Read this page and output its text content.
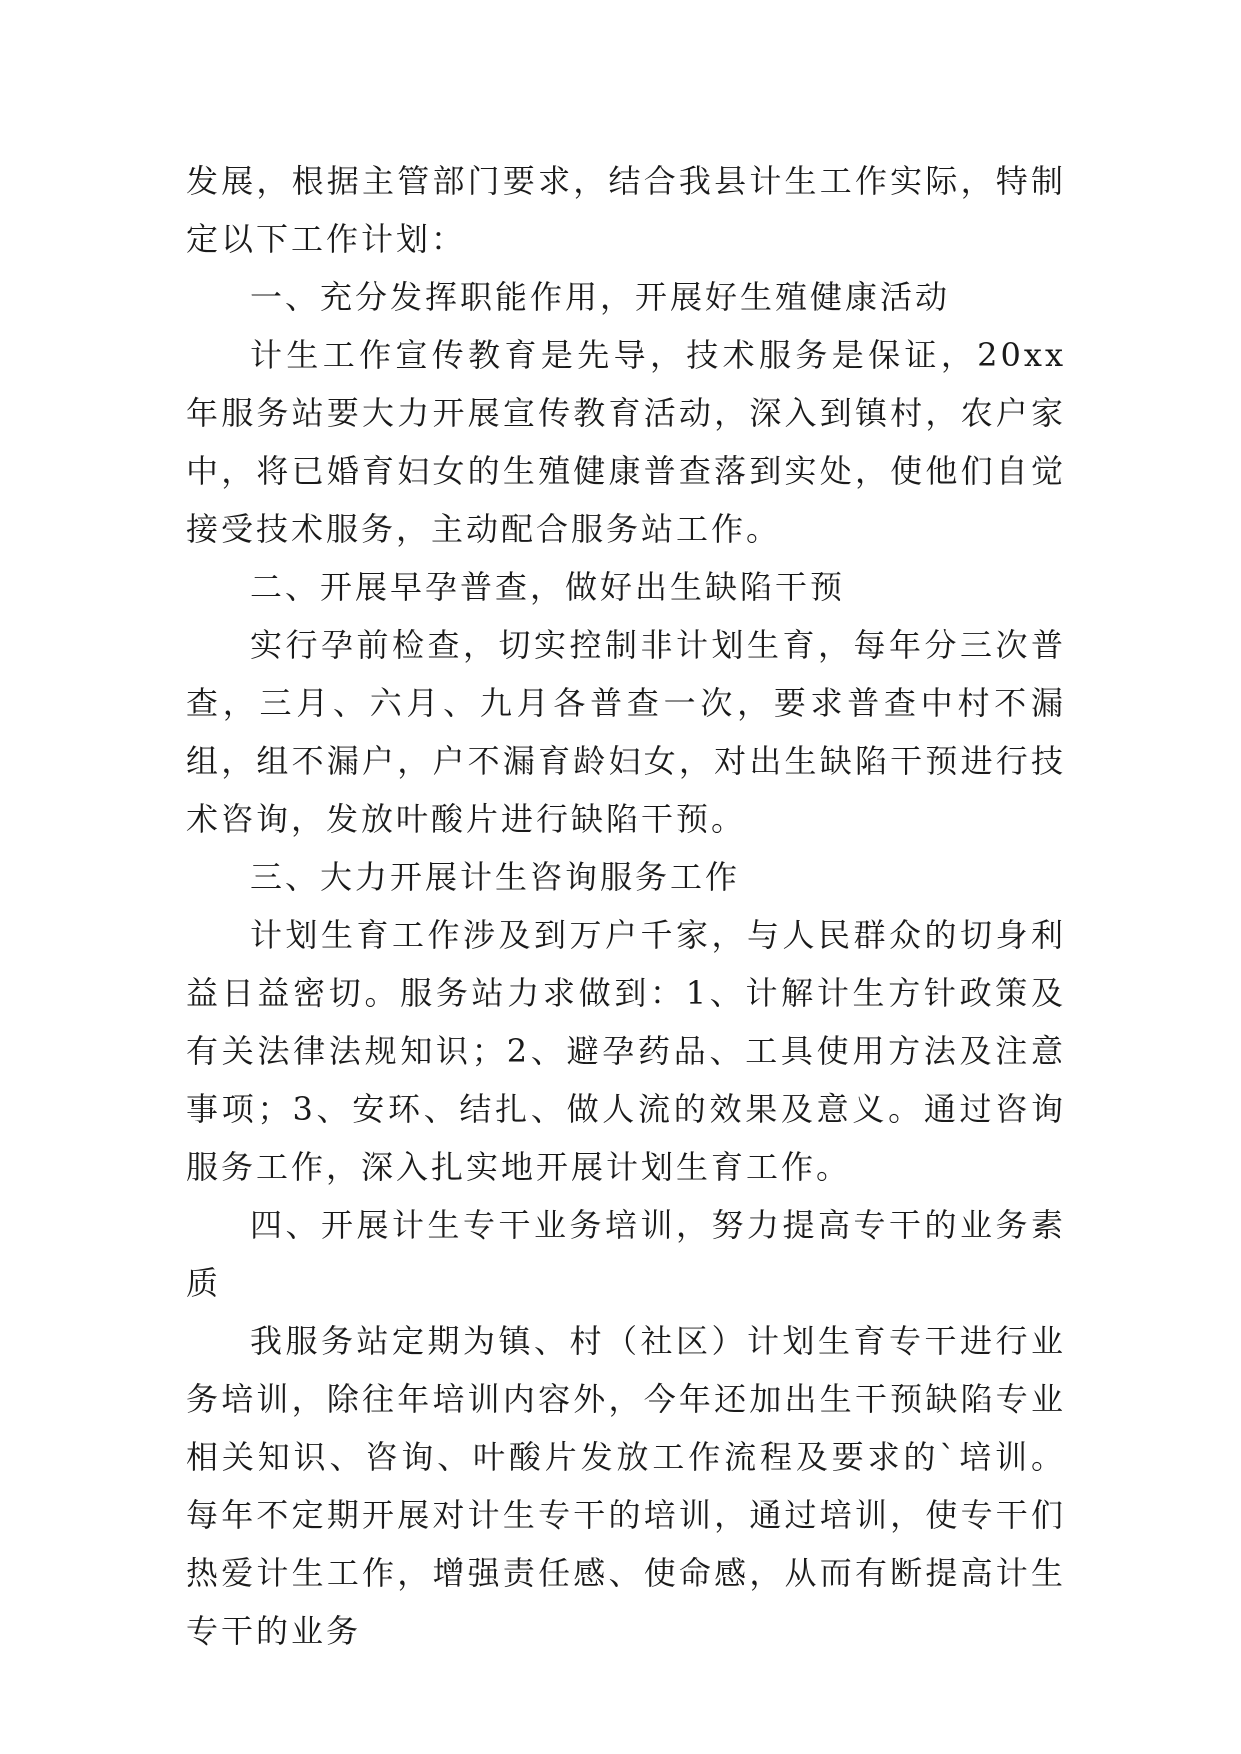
发展，根据主管部门要求，结合我县计生工作实际，特制定以下工作计划：

一、充分发挥职能作用，开展好生殖健康活动

计生工作宣传教育是先导，技术服务是保证，20xx 年服务站要大力开展宣传教育活动，深入到镇村，农户家中，将已婚育妇女的生殖健康普查落到实处，使他们自觉接受技术服务，主动配合服务站工作。

二、开展早孕普查，做好出生缺陷干预

实行孕前检查，切实控制非计划生育，每年分三次普查，三月、六月、九月各普查一次，要求普查中村不漏组，组不漏户，户不漏育龄妇女，对出生缺陷干预进行技术咨询，发放叶酸片进行缺陷干预。

三、大力开展计生咨询服务工作

计划生育工作涉及到万户千家，与人民群众的切身利益日益密切。服务站力求做到：1、计解计生方针政策及有关法律法规知识；2、避孕药品、工具使用方法及注意事项；3、安环、结扎、做人流的效果及意义。通过咨询服务工作，深入扎实地开展计划生育工作。

四、开展计生专干业务培训，努力提高专干的业务素质

我服务站定期为镇、村（社区）计划生育专干进行业务培训，除往年培训内容外，今年还加出生干预缺陷专业相关知识、咨询、叶酸片发放工作流程及要求的`培训。每年不定期开展对计生专干的培训，通过培训，使专干们热爱计生工作，增强责任感、使命感，从而有断提高计生专干的业务
